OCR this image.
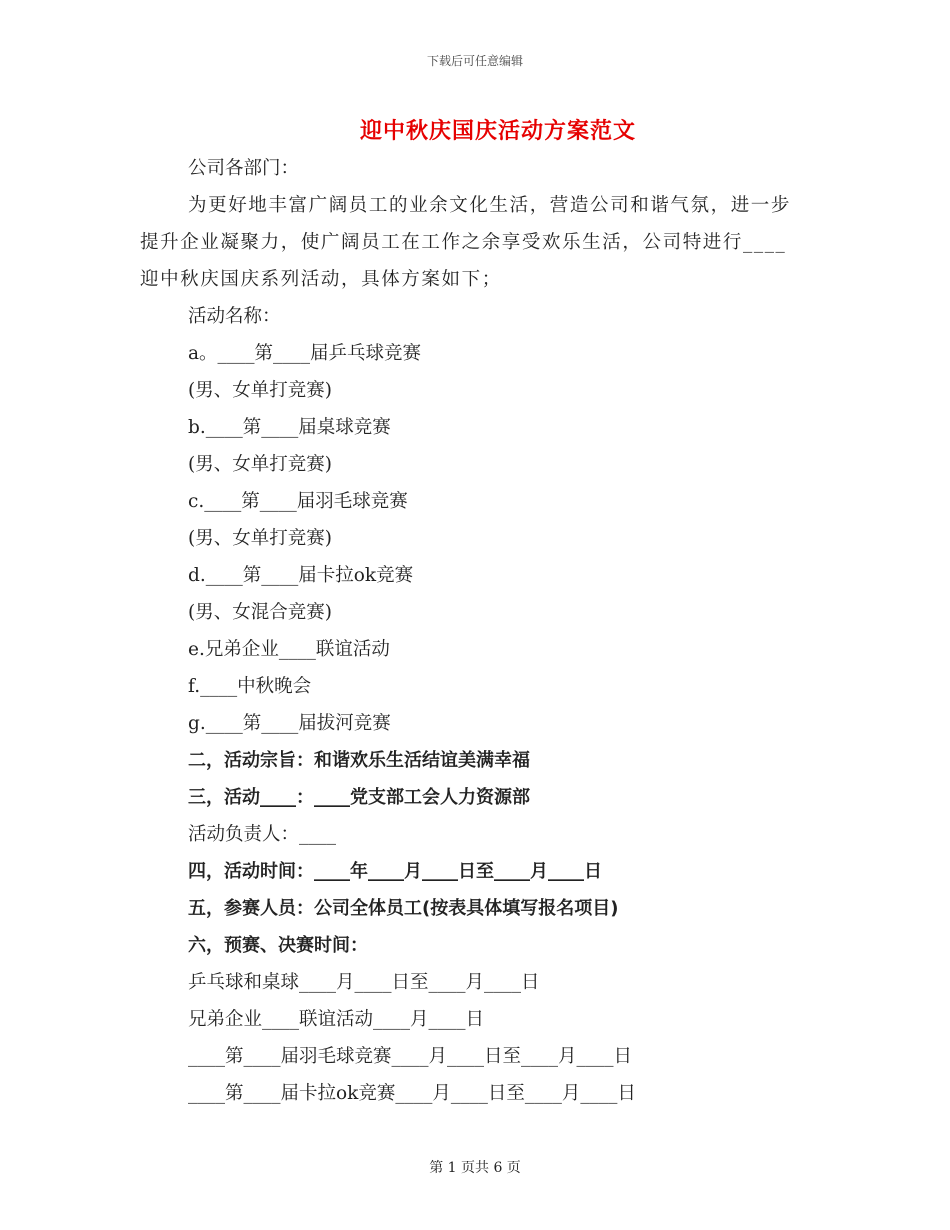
下载后可任意编辑
迎中秋庆国庆活动方案范文
公司各部门：
为更好地丰富广阔员工的业余文化生活，营造公司和谐气氛，进一步提升企业凝聚力，使广阔员工在工作之余享受欢乐生活，公司特进行____迎中秋庆国庆系列活动，具体方案如下；
活动名称：
a。____第____届乒乓球竞赛
(男、女单打竞赛)
b.____第____届桌球竞赛
(男、女单打竞赛)
c.____第____届羽毛球竞赛
(男、女单打竞赛)
d.____第____届卡拉ok竞赛
(男、女混合竞赛)
e.兄弟企业____联谊活动
f.____中秋晚会
g.____第____届拔河竞赛
二，活动宗旨：和谐欢乐生活结谊美满幸福
三，活动____：____党支部工会人力资源部
活动负责人：____
四，活动时间：____年____月____日至____月____日
五，参赛人员：公司全体员工(按表具体填写报名项目)
六，预赛、决赛时间：
乒乓球和桌球____月____日至____月____日
兄弟企业____联谊活动____月____日
____第____届羽毛球竞赛____月____日至____月____日
____第____届卡拉ok竞赛____月____日至____月____日
第 1 页共 6 页
